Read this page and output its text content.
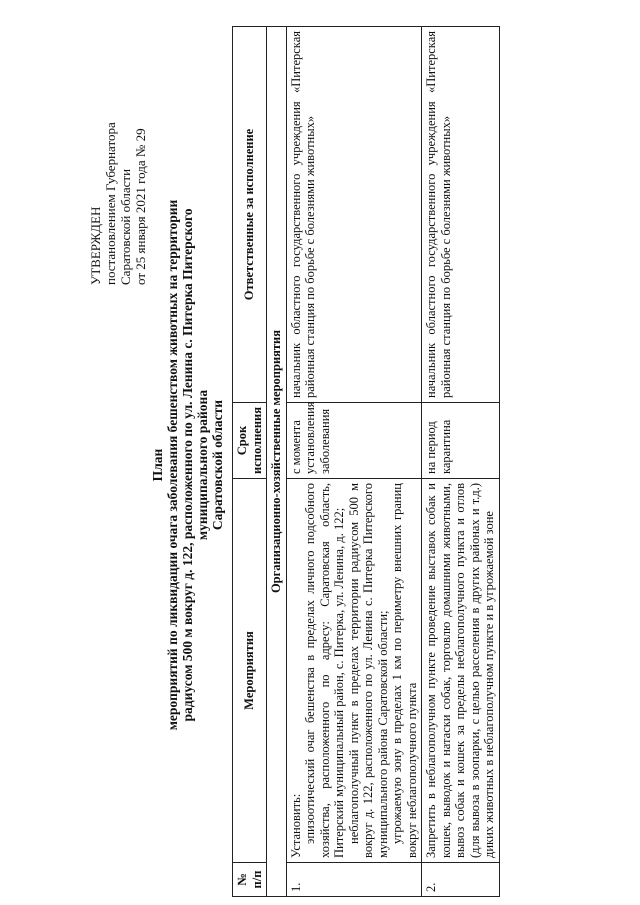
УТВЕРЖДЕН постановлением Губернатора Саратовской области от 25 января 2021 года № 29
План мероприятий по ликвидации очага заболевания бешенством животных на территории радиусом 500 м вокруг д. 122, расположенного по ул. Ленина с. Питерка Питерского муниципального района Саратовской области
№ п/п	Мероприятия	Срок исполнения	Ответственные за исполнение
Организационно-хозяйственные мероприятия			
1.	Установить: эпизоотический очаг бешенства в пределах личного подсобного хозяйства, расположенного по адресу: Саратовская область, Питерский муниципальный район, с. Питерка, ул. Ленина, д. 122; неблагополучный пункт в пределах территории радиусом 500 м вокруг д. 122, расположенного по ул. Ленина с. Питерка Питерского муниципального района Саратовской области; угрожаемую зону в пределах 1 км по периметру внешних границ вокруг неблагополучного пункта	с момента установления заболевания	начальник областного государственного учреждения «Питерская районная станция по борьбе с болезнями животных»
2.	Запретить в неблагополучном пункте проведение выставок собак и кошек, выводок и натаски собак, торговлю домашними животными, вывоз собак и кошек за пределы неблагополучного пункта и отлов (для вывоза в зоопарки, с целью расселения в других районах и т.д.) диких животных в неблагополучном пункте и в угрожаемой зоне	на период карантина	начальник областного государственного учреждения «Питерская районная станция по борьбе с болезнями животных»
